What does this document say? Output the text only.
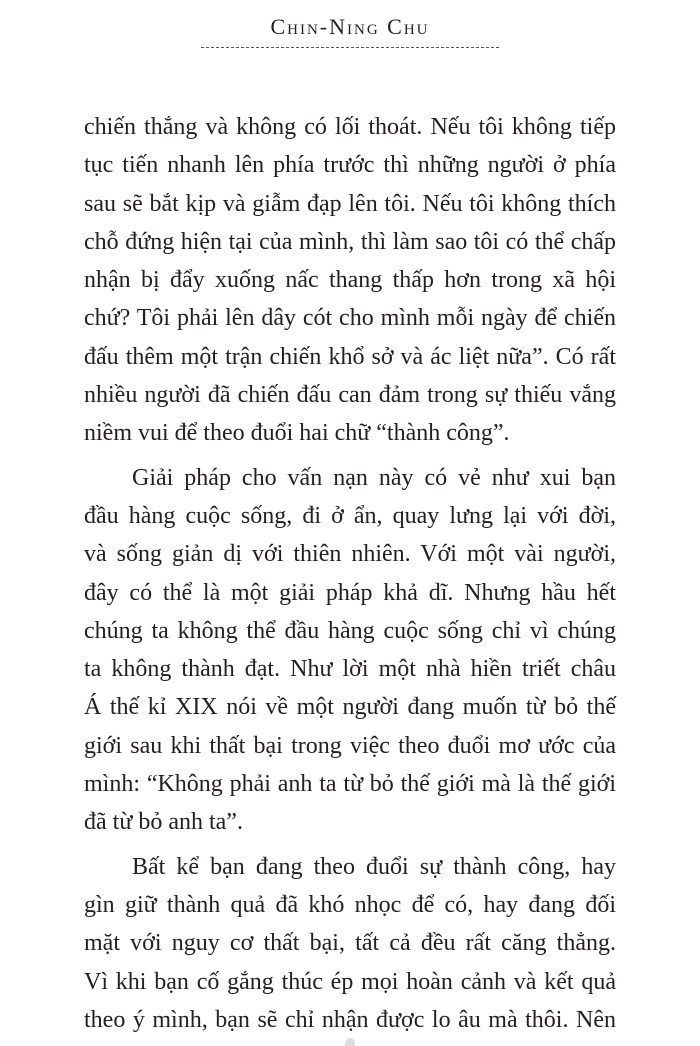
Chin-Ning Chu
chiến thắng và không có lối thoát. Nếu tôi không tiếp
tục tiến nhanh lên phía trước thì những người ở phía
sau sẽ bắt kịp và giẫm đạp lên tôi. Nếu tôi không thích
chỗ đứng hiện tại của mình, thì làm sao tôi có thể chấp
nhận bị đẩy xuống nấc thang thấp hơn trong xã hội
chứ? Tôi phải lên dây cót cho mình mỗi ngày để chiến
đấu thêm một trận chiến khổ sở và ác liệt nữa”. Có rất
nhiều người đã chiến đấu can đảm trong sự thiếu vắng
niềm vui để theo đuổi hai chữ “thành công”.
Giải pháp cho vấn nạn này có vẻ như xui bạn
đầu hàng cuộc sống, đi ở ẩn, quay lưng lại với đời,
và sống giản dị với thiên nhiên. Với một vài người,
đây có thể là một giải pháp khả dĩ. Nhưng hầu hết
chúng ta không thể đầu hàng cuộc sống chỉ vì chúng
ta không thành đạt. Như lời một nhà hiền triết châu
Á thế kỉ XIX nói về một người đang muốn từ bỏ thế
giới sau khi thất bại trong việc theo đuổi mơ ước của
mình: “Không phải anh ta từ bỏ thế giới mà là thế giới
đã từ bỏ anh ta”.
Bất kể bạn đang theo đuổi sự thành công, hay
gìn giữ thành quả đã khó nhọc để có, hay đang đối
mặt với nguy cơ thất bại, tất cả đều rất căng thẳng.
Vì khi bạn cố gắng thúc ép mọi hoàn cảnh và kết quả
theo ý mình, bạn sẽ chỉ nhận được lo âu mà thôi. Nên
